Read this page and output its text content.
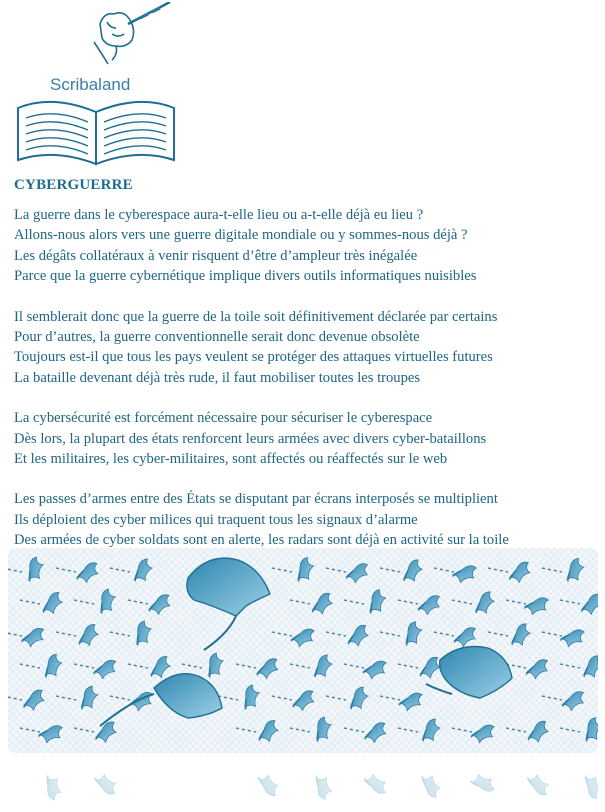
Scribaland
CYBERGUERRE
La guerre dans le cyberespace aura-t-elle lieu ou a-t-elle déjà eu lieu ?
Allons-nous alors vers une guerre digitale mondiale ou y sommes-nous déjà ?
Les dégâts collatéraux à venir risquent d’être d’ampleur très inégalée
Parce que la guerre cybernétique implique divers outils informatiques nuisibles
Il semblerait donc que la guerre de la toile soit définitivement déclarée par certains
Pour d’autres, la guerre conventionnelle serait donc devenue obsolète
Toujours est-il que tous les pays veulent se protéger des attaques virtuelles futures
La bataille devenant déjà très rude, il faut mobiliser toutes les troupes
La cybersécurité est forcément nécessaire pour sécuriser le cyberespace
Dès lors, la plupart des états renforcent leurs armées avec divers cyber-bataillons
Et les militaires, les cyber-militaires, sont affectés ou réaffectés sur le web
Les passes d’armes entre des États se disputant par écrans interposés se multiplient
Ils déploient des cyber milices qui traquent tous les signaux d’alarme
Des armées de cyber soldats sont en alerte, les radars sont déjà en activité sur la toile
